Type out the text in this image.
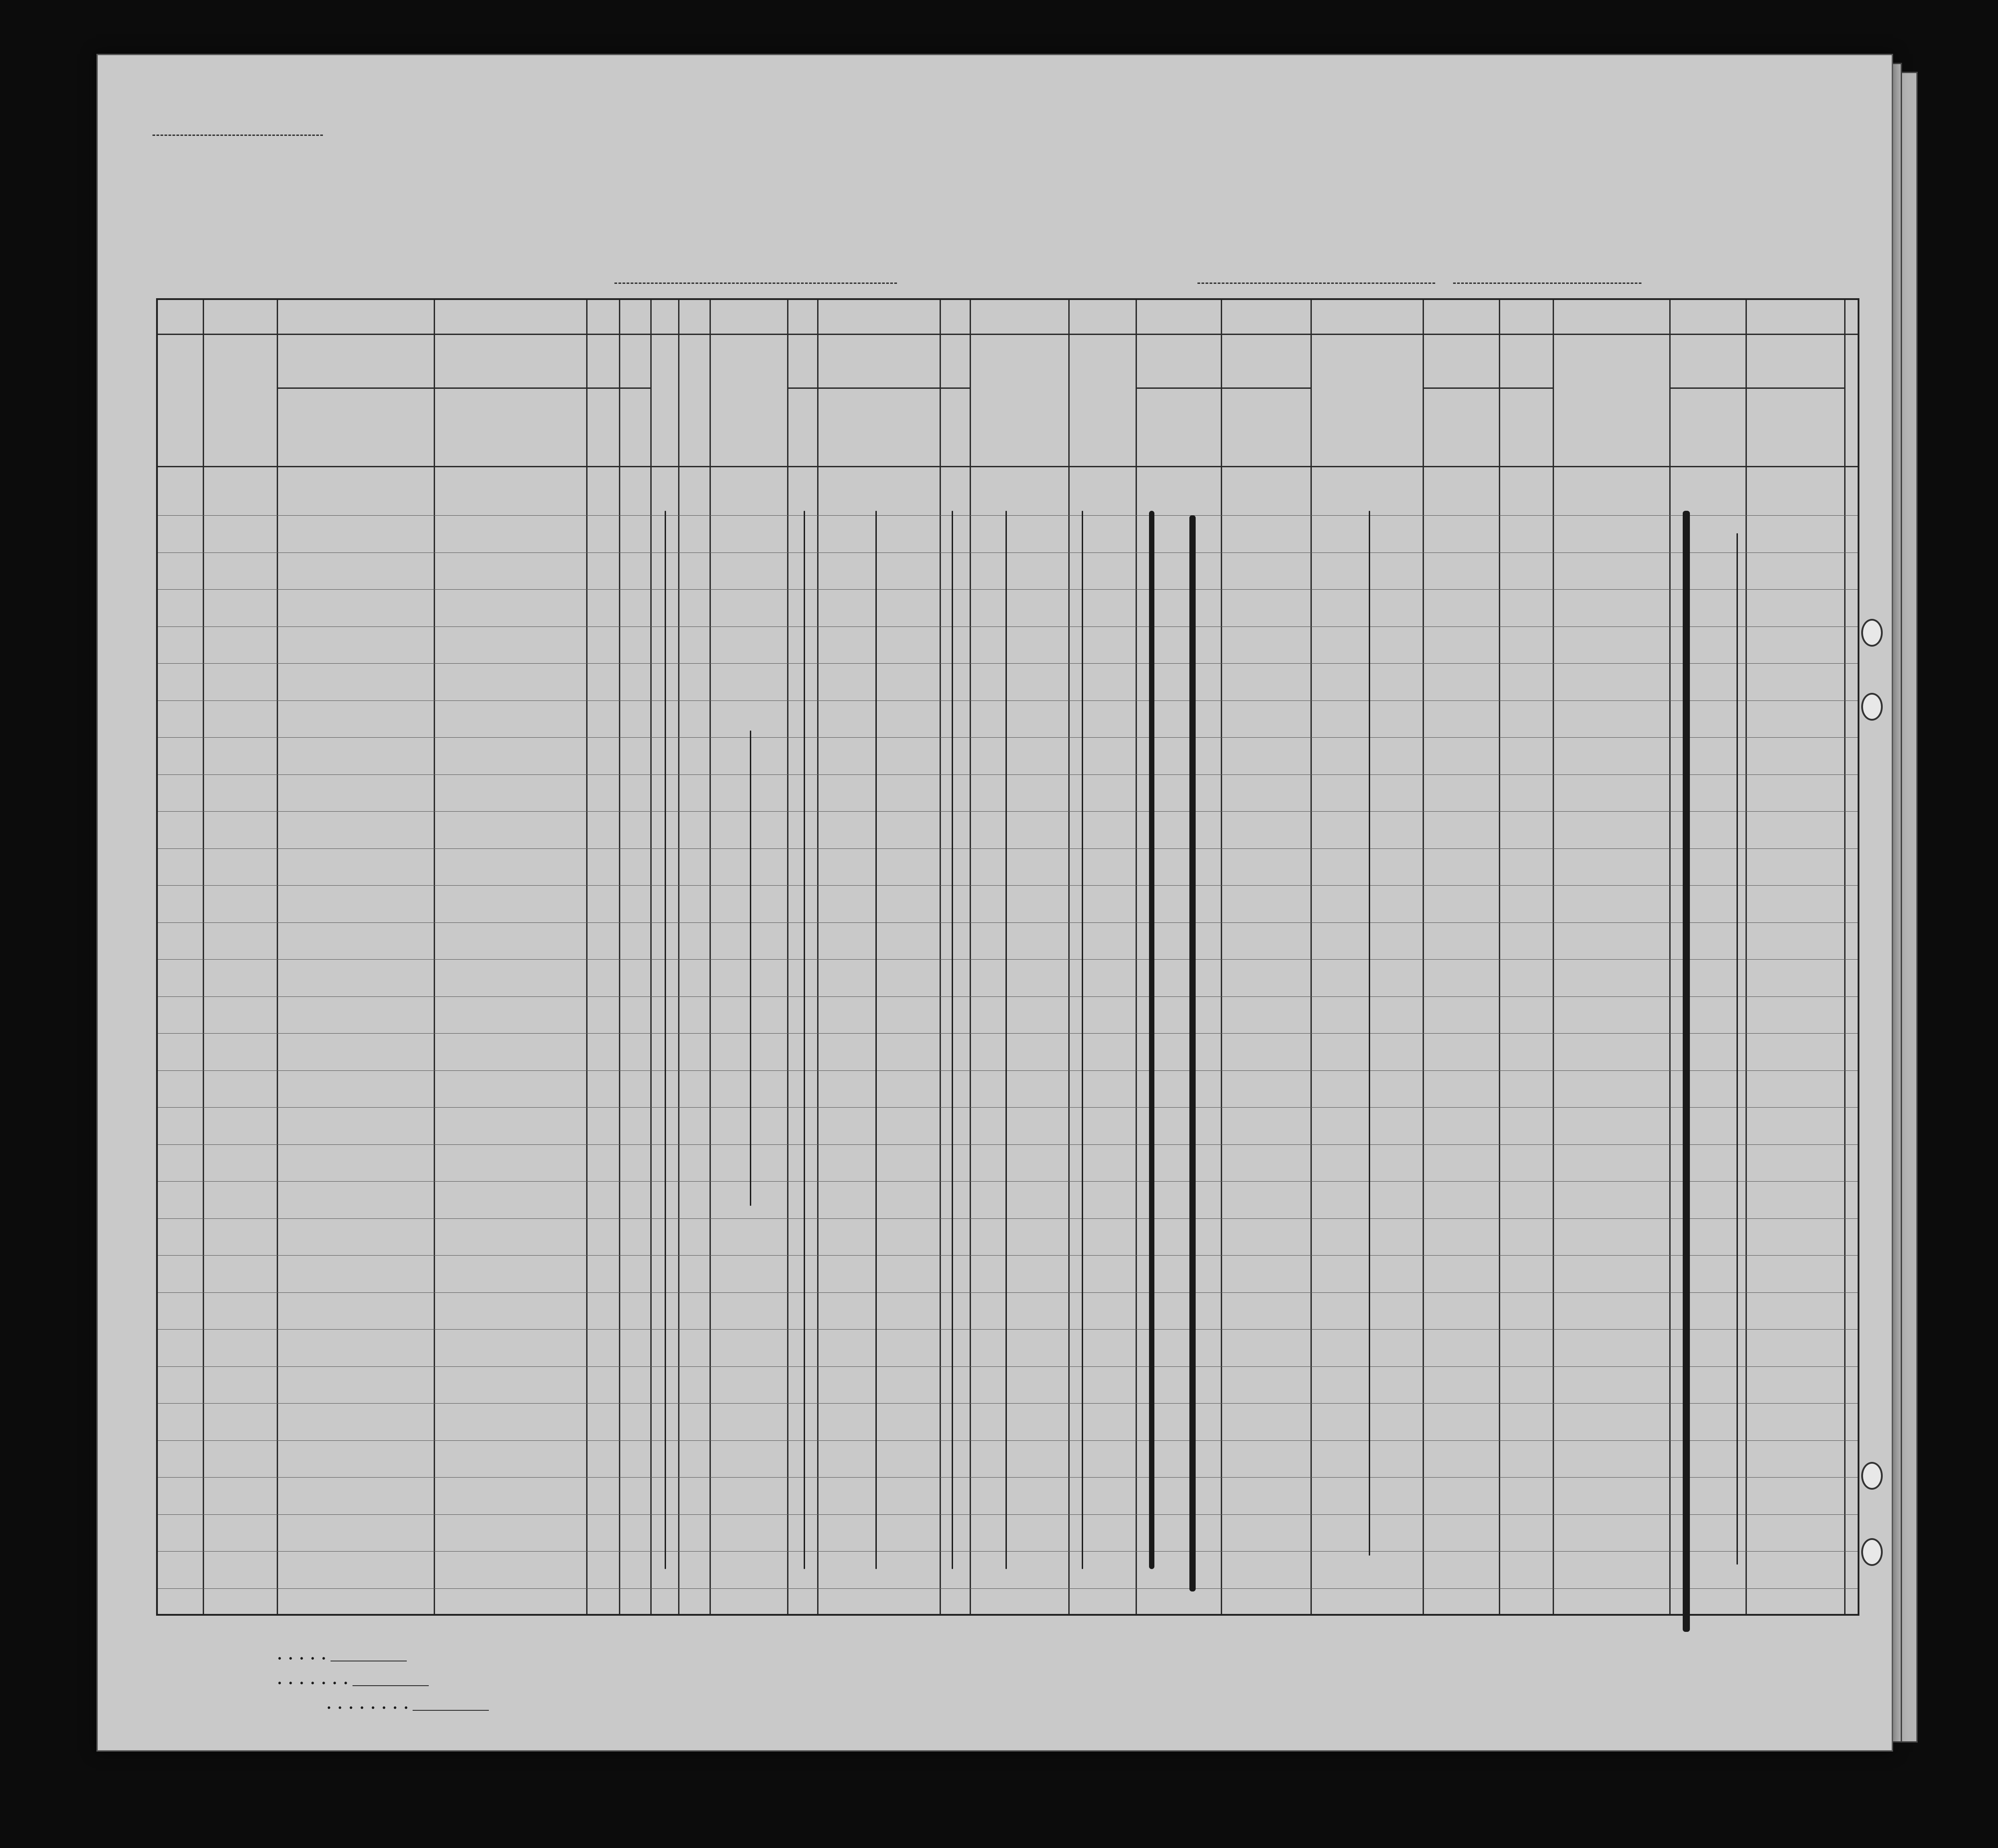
• • • • •
• • • • • • •
• • • • • • • •
